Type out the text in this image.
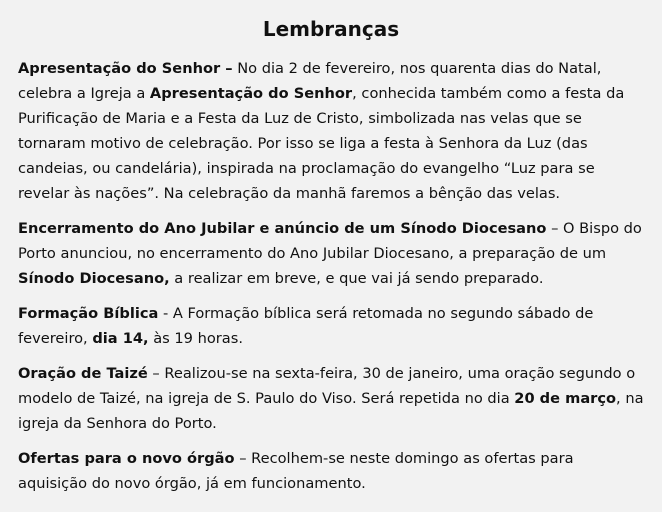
Lembranças

Apresentação do Senhor – No dia 2 de fevereiro, nos quarenta dias do Natal, celebra a Igreja a Apresentação do Senhor, conhecida também como a festa da Purificação de Maria e a Festa da Luz de Cristo, simbolizada nas velas que se tornaram motivo de celebração. Por isso se liga a festa à Senhora da Luz (das candeias, ou candelária), inspirada na proclamação do evangelho “Luz para se revelar às nações”. Na celebração da manhã faremos a bênção das velas.

Encerramento do Ano Jubilar e anúncio de um Sínodo Diocesano – O Bispo do Porto anunciou, no encerramento do Ano Jubilar Diocesano, a preparação de um Sínodo Diocesano, a realizar em breve, e que vai já sendo preparado.

Formação Bíblica - A Formação bíblica será retomada no segundo sábado de fevereiro, dia 14, às 19 horas.

Oração de Taizé – Realizou-se na sexta-feira, 30 de janeiro, uma oração segundo o modelo de Taizé, na igreja de S. Paulo do Viso. Será repetida no dia 20 de março, na igreja da Senhora do Porto.

Ofertas para o novo órgão – Recolhem-se neste domingo as ofertas para aquisição do novo órgão, já em funcionamento.
